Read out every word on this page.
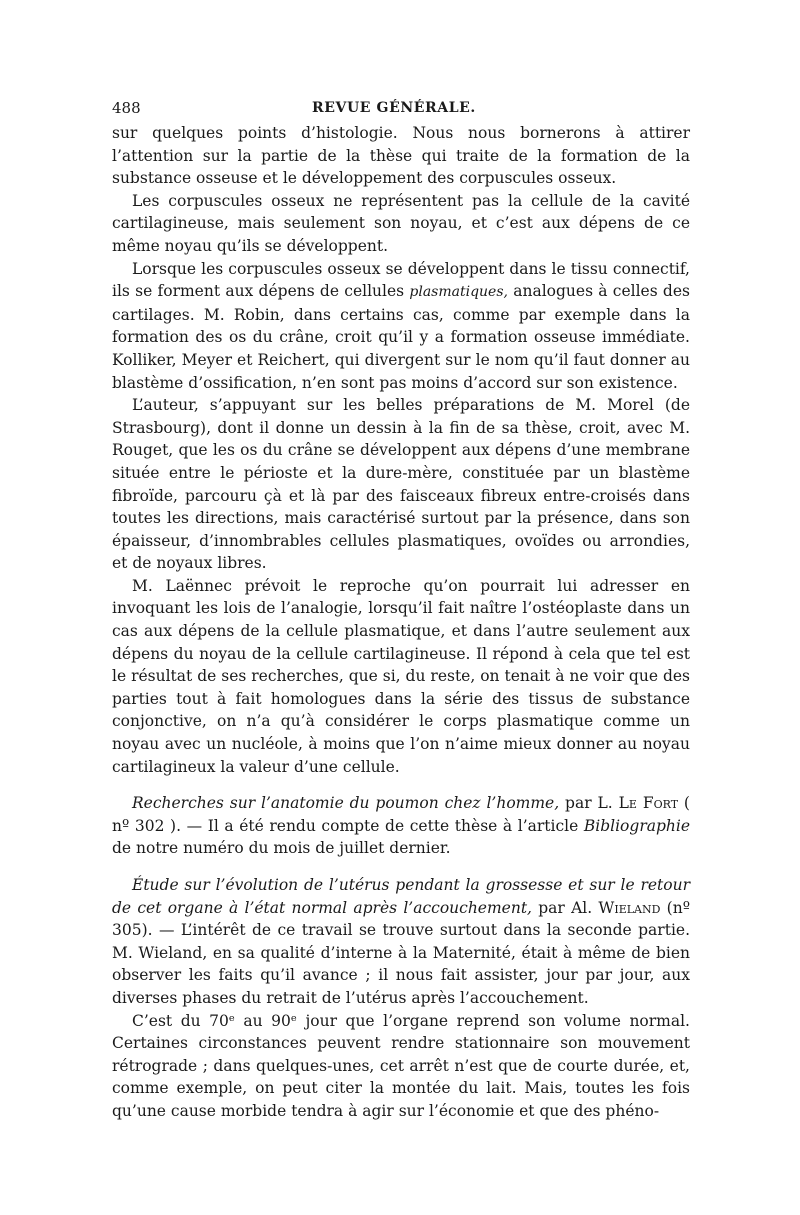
488	REVUE GÉNÉRALE.

sur quelques points d’histologie. Nous nous bornerons à attirer l’attention sur la partie de la thèse qui traite de la formation de la substance osseuse et le développement des corpuscules osseux.

Les corpuscules osseux ne représentent pas la cellule de la cavité cartilagineuse, mais seulement son noyau, et c’est aux dépens de ce même noyau qu’ils se développent.

Lorsque les corpuscules osseux se développent dans le tissu connectif, ils se forment aux dépens de cellules plasmatiques, analogues à celles des cartilages. M. Robin, dans certains cas, comme par exemple dans la formation des os du crâne, croit qu’il y a formation osseuse immédiate. Kolliker, Meyer et Reichert, qui divergent sur le nom qu’il faut donner au blastème d’ossification, n’en sont pas moins d’accord sur son existence.

L’auteur, s’appuyant sur les belles préparations de M. Morel (de Strasbourg), dont il donne un dessin à la fin de sa thèse, croit, avec M. Rouget, que les os du crâne se développent aux dépens d’une membrane située entre le périoste et la dure-mère, constituée par un blastème fibroïde, parcouru çà et là par des faisceaux fibreux entre-croisés dans toutes les directions, mais caractérisé surtout par la présence, dans son épaisseur, d’innombrables cellules plasmatiques, ovoïdes ou arrondies, et de noyaux libres.

M. Laënnec prévoit le reproche qu’on pourrait lui adresser en invoquant les lois de l’analogie, lorsqu’il fait naître l’ostéoplaste dans un cas aux dépens de la cellule plasmatique, et dans l’autre seulement aux dépens du noyau de la cellule cartilagineuse. Il répond à cela que tel est le résultat de ses recherches, que si, du reste, on tenait à ne voir que des parties tout à fait homologues dans la série des tissus de substance conjonctive, on n’a qu’à considérer le corps plasmatique comme un noyau avec un nucléole, à moins que l’on n’aime mieux donner au noyau cartilagineux la valeur d’une cellule.

Recherches sur l’anatomie du poumon chez l’homme, par L. Le Fort ( nº 302 ). — Il a été rendu compte de cette thèse à l’article Bibliographie de notre numéro du mois de juillet dernier.

Étude sur l’évolution de l’utérus pendant la grossesse et sur le retour de cet organe à l’état normal après l’accouchement, par Al. Wieland (nº 305). — L’intérêt de ce travail se trouve surtout dans la seconde partie. M. Wieland, en sa qualité d’interne à la Maternité, était à même de bien observer les faits qu’il avance ; il nous fait assister, jour par jour, aux diverses phases du retrait de l’utérus après l’accouchement.

C’est du 70ᵉ au 90ᵉ jour que l’organe reprend son volume normal. Certaines circonstances peuvent rendre stationnaire son mouvement rétrograde ; dans quelques-unes, cet arrêt n’est que de courte durée, et, comme exemple, on peut citer la montée du lait. Mais, toutes les fois qu’une cause morbide tendra à agir sur l’économie et que des phéno-
